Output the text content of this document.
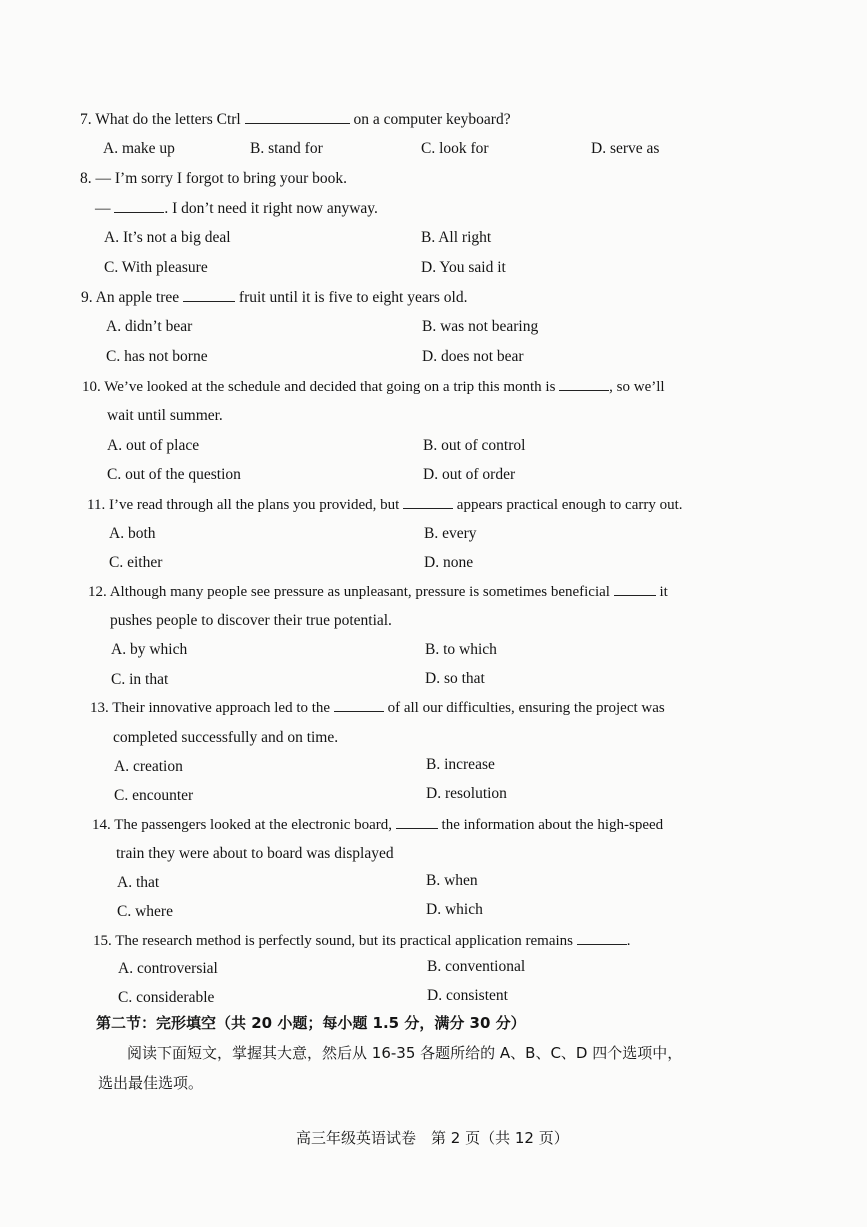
7. What do the letters Ctrl	on a computer keyboard?
A. make up	B. stand for	C. look for	D. serve as
8. — I’m sorry I forgot to bring your book.
—	. I don’t need it right now anyway.
A. It’s not a big deal	B. All right
C. With pleasure	D. You said it
9. An apple tree	fruit until it is five to eight years old.
A. didn’t bear	B. was not bearing
C. has not borne	D. does not bear
10. We’ve looked at the schedule and decided that going on a trip this month is	, so we’ll
wait until summer.
A. out of place	B. out of control
C. out of the question	D. out of order
11. I’ve read through all the plans you provided, but	appears practical enough to carry out.
A. both	B. every
C. either	D. none
12. Although many people see pressure as unpleasant, pressure is sometimes beneficial	it
pushes people to discover their true potential.
A. by which	B. to which
C. in that	D. so that
13. Their innovative approach led to the	of all our difficulties, ensuring the project was
completed successfully and on time.
A. creation	B. increase
C. encounter	D. resolution
14. The passengers looked at the electronic board,	the information about the high-speed
train they were about to board was displayed
A. that	B. when
C. where	D. which
15. The research method is perfectly sound, but its practical application remains	.
A. controversial	B. conventional
C. considerable	D. consistent
第二节：完形填空（共 20 小题；每小题 1.5 分，满分 30 分）
阅读下面短文，掌握其大意，然后从 16-35 各题所给的 A、B、C、D 四个选项中，
选出最佳选项。
高三年级英语试卷　第 2 页（共 12 页）
